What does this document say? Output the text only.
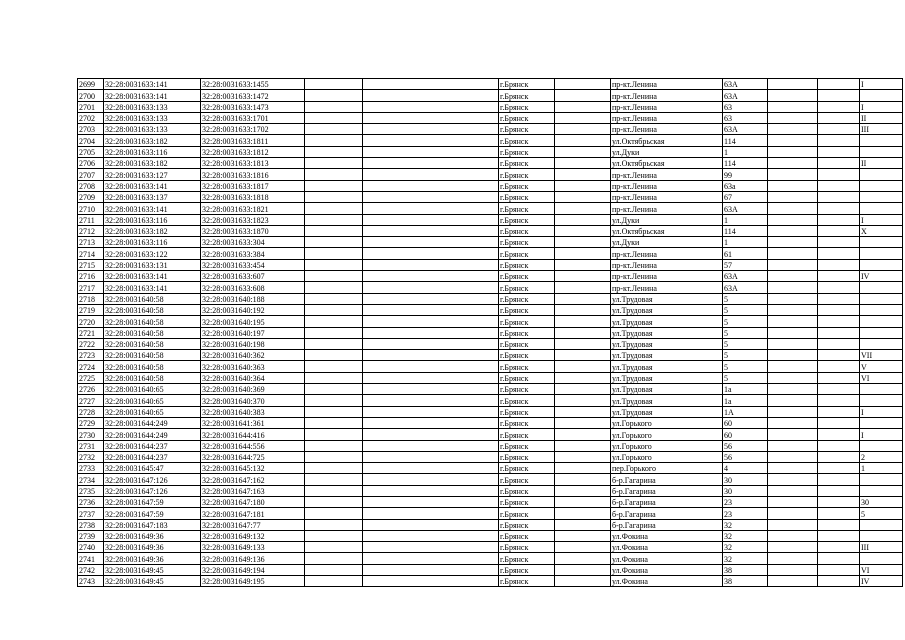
2699	32:28:0031633:141	32:28:0031633:1455			г.Брянск		пр-кт.Ленина	63А			I
2700	32:28:0031633:141	32:28:0031633:1472			г.Брянск		пр-кт.Ленина	63А			
2701	32:28:0031633:133	32:28:0031633:1473			г.Брянск		пр-кт.Ленина	63			I
2702	32:28:0031633:133	32:28:0031633:1701			г.Брянск		пр-кт.Ленина	63			II
2703	32:28:0031633:133	32:28:0031633:1702			г.Брянск		пр-кт.Ленина	63А			III
2704	32:28:0031633:182	32:28:0031633:1811			г.Брянск		ул.Октябрьская	114			
2705	32:28:0031633:116	32:28:0031633:1812			г.Брянск		ул.Дуки	1			
2706	32:28:0031633:182	32:28:0031633:1813			г.Брянск		ул.Октябрьская	114			II
2707	32:28:0031633:127	32:28:0031633:1816			г.Брянск		пр-кт.Ленина	99			
2708	32:28:0031633:141	32:28:0031633:1817			г.Брянск		пр-кт.Ленина	63а			
2709	32:28:0031633:137	32:28:0031633:1818			г.Брянск		пр-кт.Ленина	67			
2710	32:28:0031633:141	32:28:0031633:1821			г.Брянск		пр-кт.Ленина	63А			
2711	32:28:0031633:116	32:28:0031633:1823			г.Брянск		ул.Дуки	1			I
2712	32:28:0031633:182	32:28:0031633:1870			г.Брянск		ул.Октябрьская	114			X
2713	32:28:0031633:116	32:28:0031633:304			г.Брянск		ул.Дуки	1			
2714	32:28:0031633:122	32:28:0031633:384			г.Брянск		пр-кт.Ленина	61			
2715	32:28:0031633:131	32:28:0031633:454			г.Брянск		пр-кт.Ленина	57			
2716	32:28:0031633:141	32:28:0031633:607			г.Брянск		пр-кт.Ленина	63А			IV
2717	32:28:0031633:141	32:28:0031633:608			г.Брянск		пр-кт.Ленина	63А			
2718	32:28:0031640:58	32:28:0031640:188			г.Брянск		ул.Трудовая	5			
2719	32:28:0031640:58	32:28:0031640:192			г.Брянск		ул.Трудовая	5			
2720	32:28:0031640:58	32:28:0031640:195			г.Брянск		ул.Трудовая	5			
2721	32:28:0031640:58	32:28:0031640:197			г.Брянск		ул.Трудовая	5			
2722	32:28:0031640:58	32:28:0031640:198			г.Брянск		ул.Трудовая	5			
2723	32:28:0031640:58	32:28:0031640:362			г.Брянск		ул.Трудовая	5			VII
2724	32:28:0031640:58	32:28:0031640:363			г.Брянск		ул.Трудовая	5			V
2725	32:28:0031640:58	32:28:0031640:364			г.Брянск		ул.Трудовая	5			VI
2726	32:28:0031640:65	32:28:0031640:369			г.Брянск		ул.Трудовая	1а			
2727	32:28:0031640:65	32:28:0031640:370			г.Брянск		ул.Трудовая	1а			
2728	32:28:0031640:65	32:28:0031640:383			г.Брянск		ул.Трудовая	1А			I
2729	32:28:0031644:249	32:28:0031641:361			г.Брянск		ул.Горького	60			
2730	32:28:0031644:249	32:28:0031644:416			г.Брянск		ул.Горького	60			I
2731	32:28:0031644:237	32:28:0031644:556			г.Брянск		ул.Горького	56			
2732	32:28:0031644:237	32:28:0031644:725			г.Брянск		ул.Горького	56			2
2733	32:28:0031645:47	32:28:0031645:132			г.Брянск		пер.Горького	4			1
2734	32:28:0031647:126	32:28:0031647:162			г.Брянск		б-р.Гагарина	30			
2735	32:28:0031647:126	32:28:0031647:163			г.Брянск		б-р.Гагарина	30			
2736	32:28:0031647:59	32:28:0031647:180			г.Брянск		б-р.Гагарина	23			30
2737	32:28:0031647:59	32:28:0031647:181			г.Брянск		б-р.Гагарина	23			5
2738	32:28:0031647:183	32:28:0031647:77			г.Брянск		б-р.Гагарина	32			
2739	32:28:0031649:36	32:28:0031649:132			г.Брянск		ул.Фокина	32			
2740	32:28:0031649:36	32:28:0031649:133			г.Брянск		ул.Фокина	32			III
2741	32:28:0031649:36	32:28:0031649:136			г.Брянск		ул.Фокина	32			
2742	32:28:0031649:45	32:28:0031649:194			г.Брянск		ул.Фокина	38			VI
2743	32:28:0031649:45	32:28:0031649:195			г.Брянск		ул.Фокина	38			IV
